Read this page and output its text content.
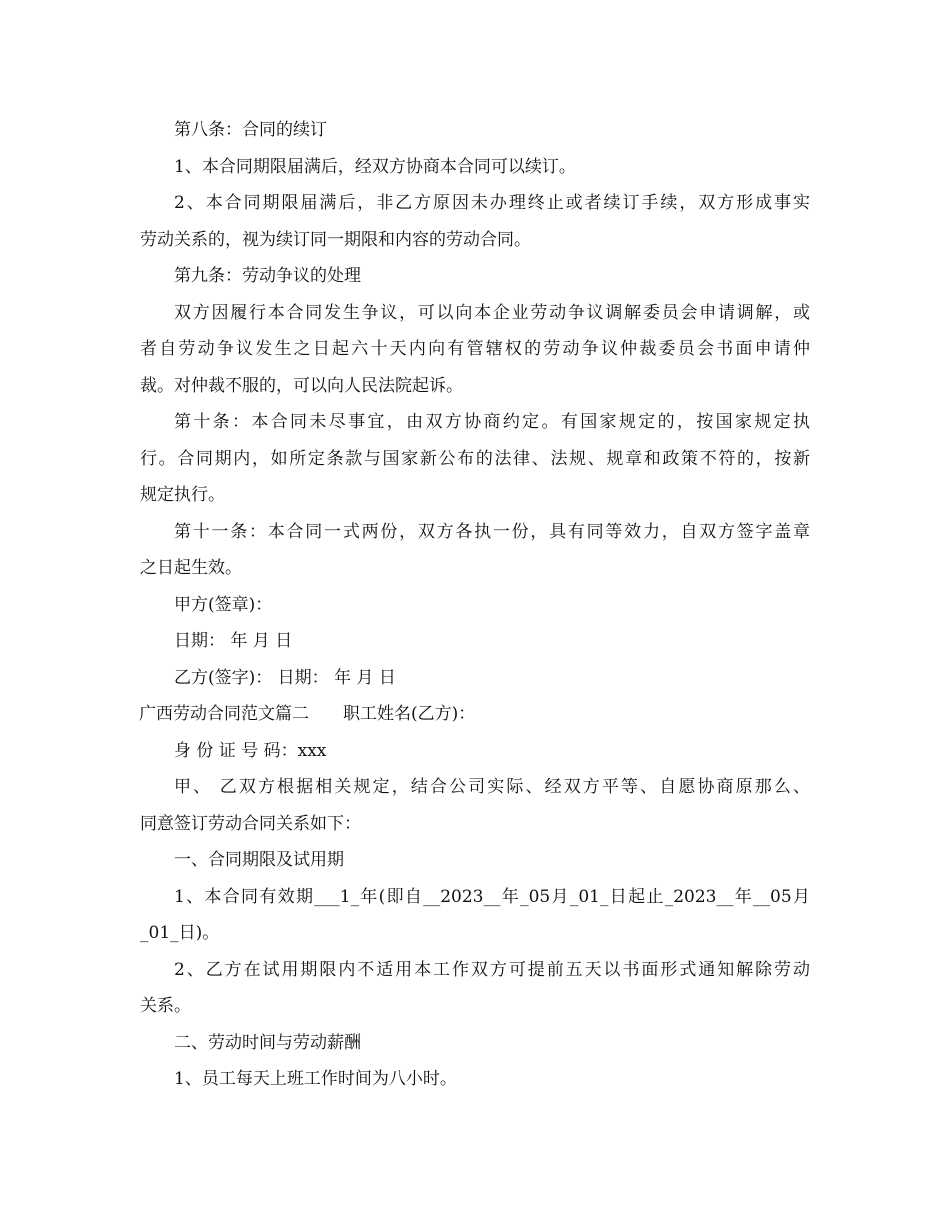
第八条：合同的续订
1、本合同期限届满后，经双方协商本合同可以续订。
2、本合同期限届满后，非乙方原因未办理终止或者续订手续，双方形成事实
劳动关系的，视为续订同一期限和内容的劳动合同。
第九条：劳动争议的处理
双方因履行本合同发生争议，可以向本企业劳动争议调解委员会申请调解，或
者自劳动争议发生之日起六十天内向有管辖权的劳动争议仲裁委员会书面申请仲
裁。对仲裁不服的，可以向人民法院起诉。
第十条：本合同未尽事宜，由双方协商约定。有国家规定的，按国家规定执
行。合同期内，如所定条款与国家新公布的法律、法规、规章和政策不符的，按新
规定执行。
第十一条：本合同一式两份，双方各执一份，具有同等效力，自双方签字盖章
之日起生效。
甲方(签章)：
日期： 年 月 日
乙方(签字)： 日期： 年 月 日
广西劳动合同范文篇二　　职工姓名(乙方)：
身 份 证 号 码：xxx
甲、 乙双方根据相关规定，结合公司实际、经双方平等、自愿协商原那么、
同意签订劳动合同关系如下：
一、合同期限及试用期
1、本合同有效期___1_年(即自__2023__年_05月_01_日起止_2023__年__05月
_01_日)。
2、乙方在试用期限内不适用本工作双方可提前五天以书面形式通知解除劳动
关系。
二、劳动时间与劳动薪酬
1、员工每天上班工作时间为八小时。
